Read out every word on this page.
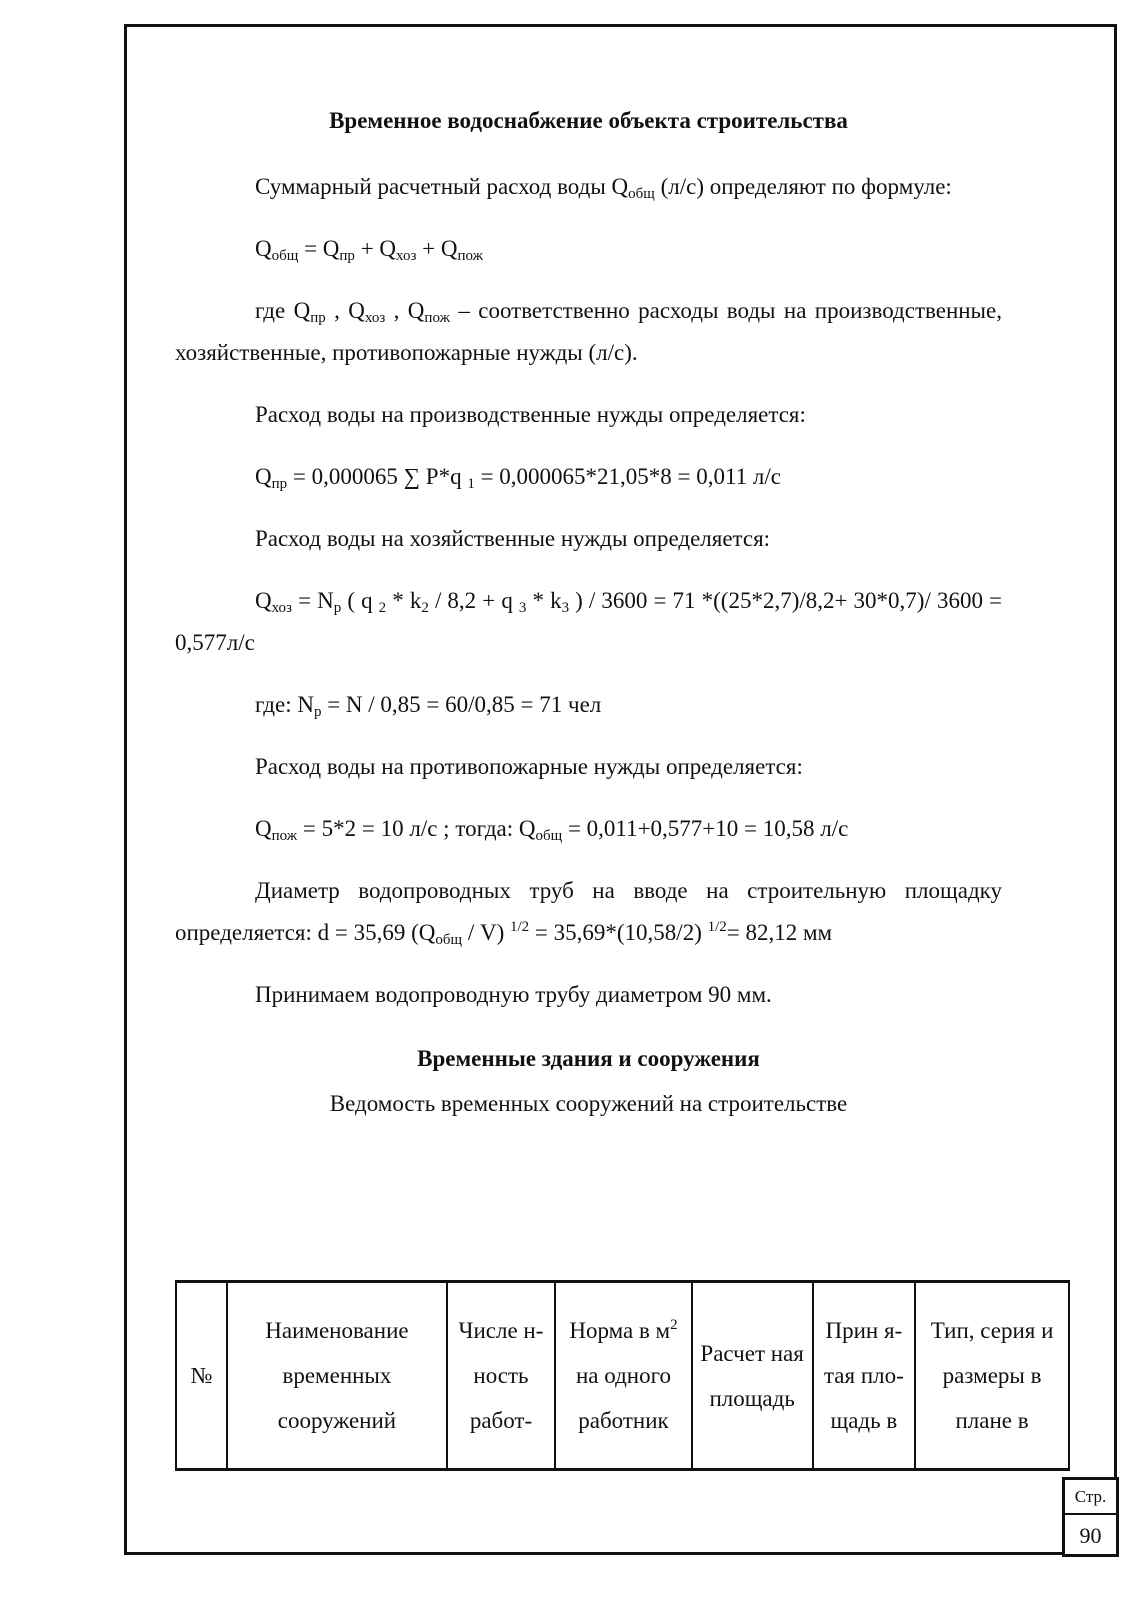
Временное водоснабжение объекта строительства

Суммарный расчетный расход воды $Q_{общ}$ (л/с) определяют по формуле:

$Q_{общ} = Q_{пр} + Q_{хоз} + Q_{пож}$

где $Q_{пр}$ , $Q_{хоз}$ , $Q_{пож}$ – соответственно расходы воды на производственные, хозяйственные, противопожарные нужды (л/с).

Расход воды на производственные нужды определяется:

$Q_{пр} = 0,000065$ ∑ P*q $_1$ = 0,000065*21,05*8 = 0,011 л/с

Расход воды на хозяйственные нужды определяется:

$Q_{хоз} = N_р$ ( q $_2 * k_2 / 8,2 + q$ $_3 * k_3$ ) / 3600 = 71 *((25*2,7)/8,2+ 30*0,7)/ 3600 = 0,577л/с

где: $N_р = N / 0,85 = 60/0,85 = 71$ чел

Расход воды на противопожарные нужды определяется:

$Q_{пож} = 5*2 = 10$ л/с ; тогда: $Q_{общ} = 0,011+0,577+10 = 10,58$ л/с

Диаметр водопроводных труб на вводе на строительную площадку определяется: d = 35,69 $(Q_{общ} / V) ^{1/2} = 35,69*(10,58/2)$ $^{1/2}$= 82,12 мм

Принимаем водопроводную трубу диаметром 90 мм.

Временные здания и сооружения

Ведомость временных сооружений на строительстве

№	Наименование временных сооружений	Числе н-ность работ-	Норма в $м^2$ на одного работник	Расчет ная площадь	Прин я-тая пло-щадь в	Тип, серия и размеры в плане в
Стр.
90
